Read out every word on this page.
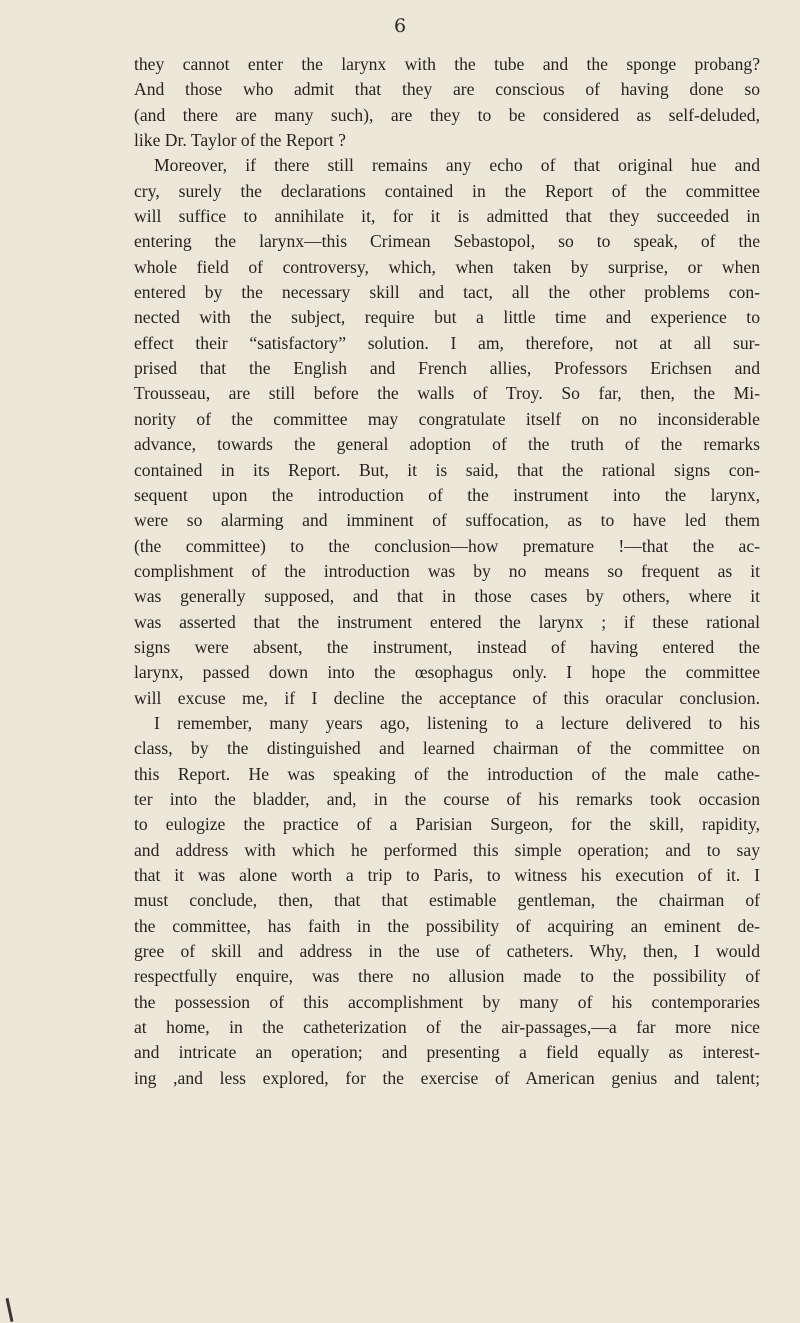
6
they cannot enter the larynx with the tube and the sponge probang?
And those who admit that they are conscious of having done so
(and there are many such), are they to be considered as self-deluded,
like Dr. Taylor of the Report ?
Moreover, if there still remains any echo of that original hue and
cry, surely the declarations contained in the Report of the committee
will suffice to annihilate it, for it is admitted that they succeeded in
entering the larynx—this Crimean Sebastopol, so to speak, of the
whole field of controversy, which, when taken by surprise, or when
entered by the necessary skill and tact, all the other problems con-
nected with the subject, require but a little time and experience to
effect their “satisfactory” solution. I am, therefore, not at all sur-
prised that the English and French allies, Professors Erichsen and
Trousseau, are still before the walls of Troy. So far, then, the Mi-
nority of the committee may congratulate itself on no inconsiderable
advance, towards the general adoption of the truth of the remarks
contained in its Report. But, it is said, that the rational signs con-
sequent upon the introduction of the instrument into the larynx,
were so alarming and imminent of suffocation, as to have led them
(the committee) to the conclusion—how premature !—that the ac-
complishment of the introduction was by no means so frequent as it
was generally supposed, and that in those cases by others, where it
was asserted that the instrument entered the larynx ; if these rational
signs were absent, the instrument, instead of having entered the
larynx, passed down into the œsophagus only. I hope the committee
will excuse me, if I decline the acceptance of this oracular conclusion.
I remember, many years ago, listening to a lecture delivered to his
class, by the distinguished and learned chairman of the committee on
this Report. He was speaking of the introduction of the male cathe-
ter into the bladder, and, in the course of his remarks took occasion
to eulogize the practice of a Parisian Surgeon, for the skill, rapidity,
and address with which he performed this simple operation; and to say
that it was alone worth a trip to Paris, to witness his execution of it. I
must conclude, then, that that estimable gentleman, the chairman of
the committee, has faith in the possibility of acquiring an eminent de-
gree of skill and address in the use of catheters. Why, then, I would
respectfully enquire, was there no allusion made to the possibility of
the possession of this accomplishment by many of his contemporaries
at home, in the catheterization of the air-passages,—a far more nice
and intricate an operation; and presenting a field equally as interest-
ing ,and less explored, for the exercise of American genius and talent;
